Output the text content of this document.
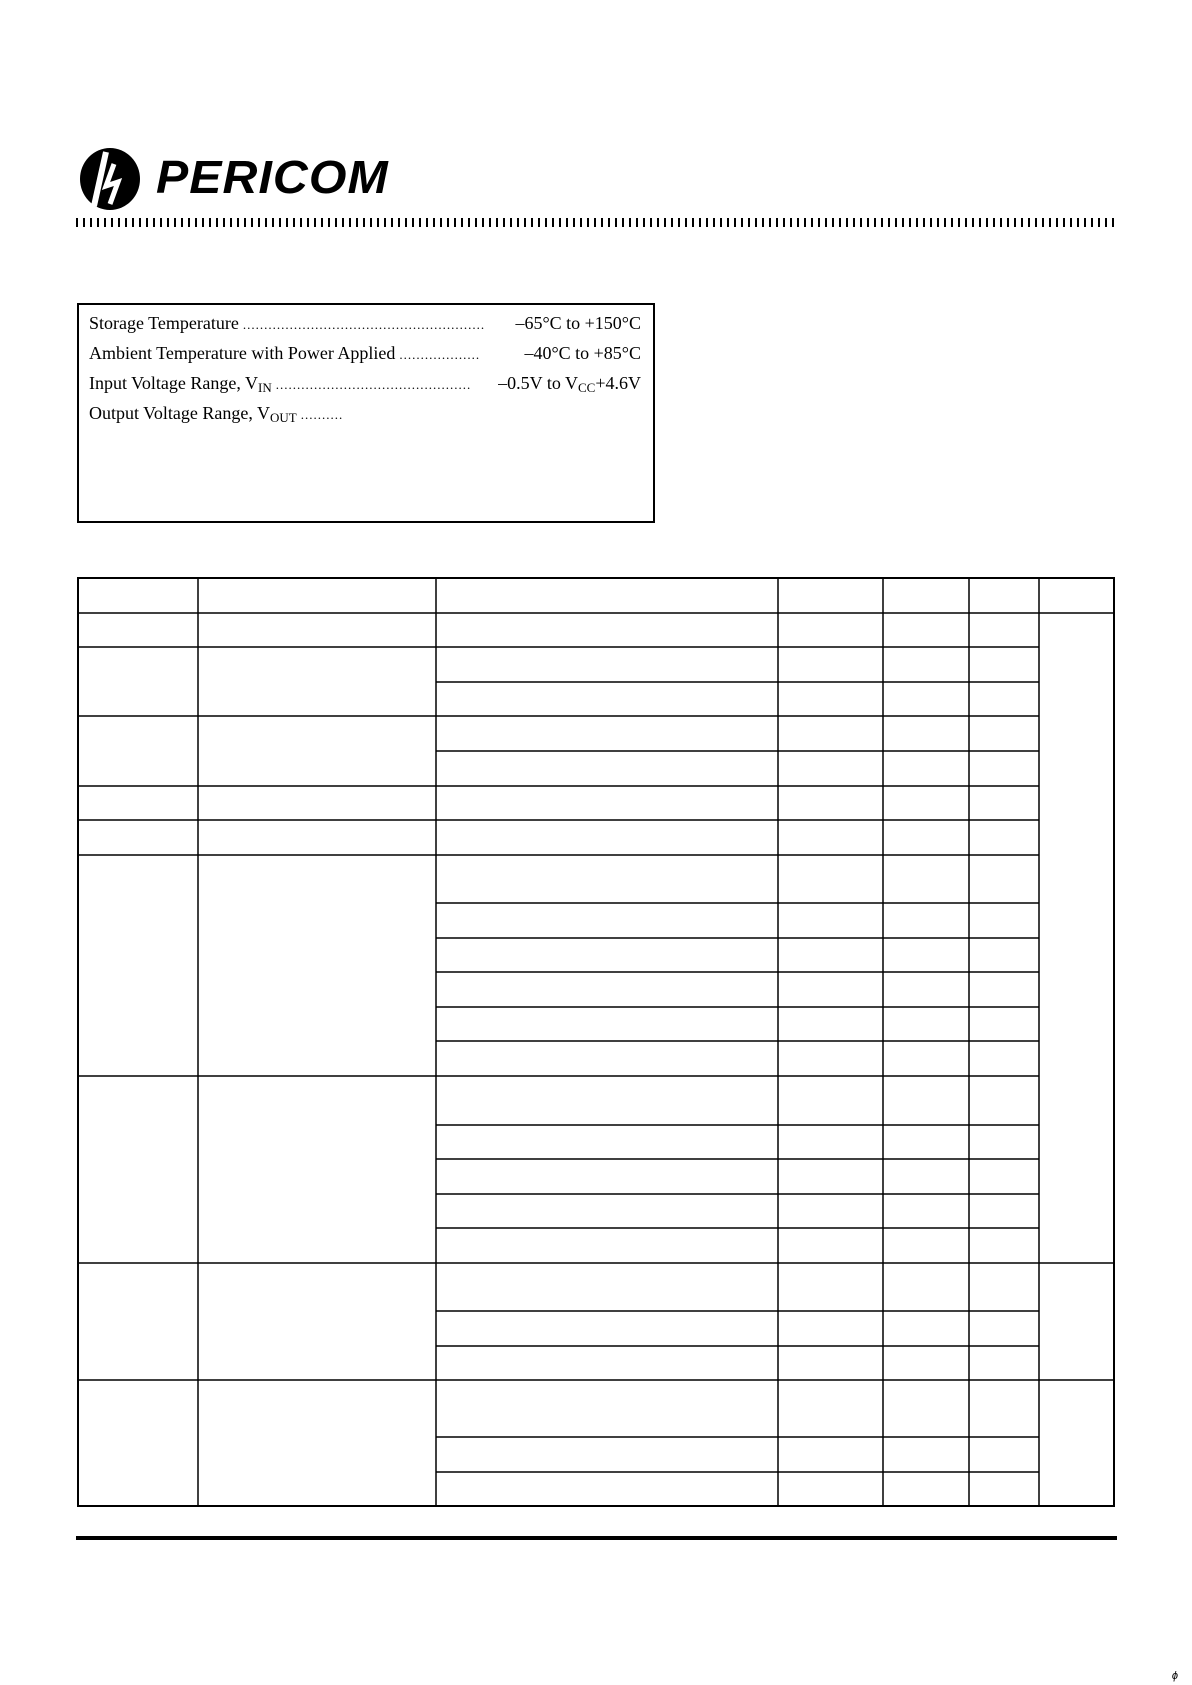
PERICOM
Storage Temperature .........................................................	–65°C to +150°C
Ambient Temperature with Power Applied ...................	–40°C to +85°C
Input Voltage Range, $V_{IN}$ ..............................................	–0.5V to $V_{CC}+4.6V$
Output Voltage Range, $V_{OUT}$ ..........
ϕ
